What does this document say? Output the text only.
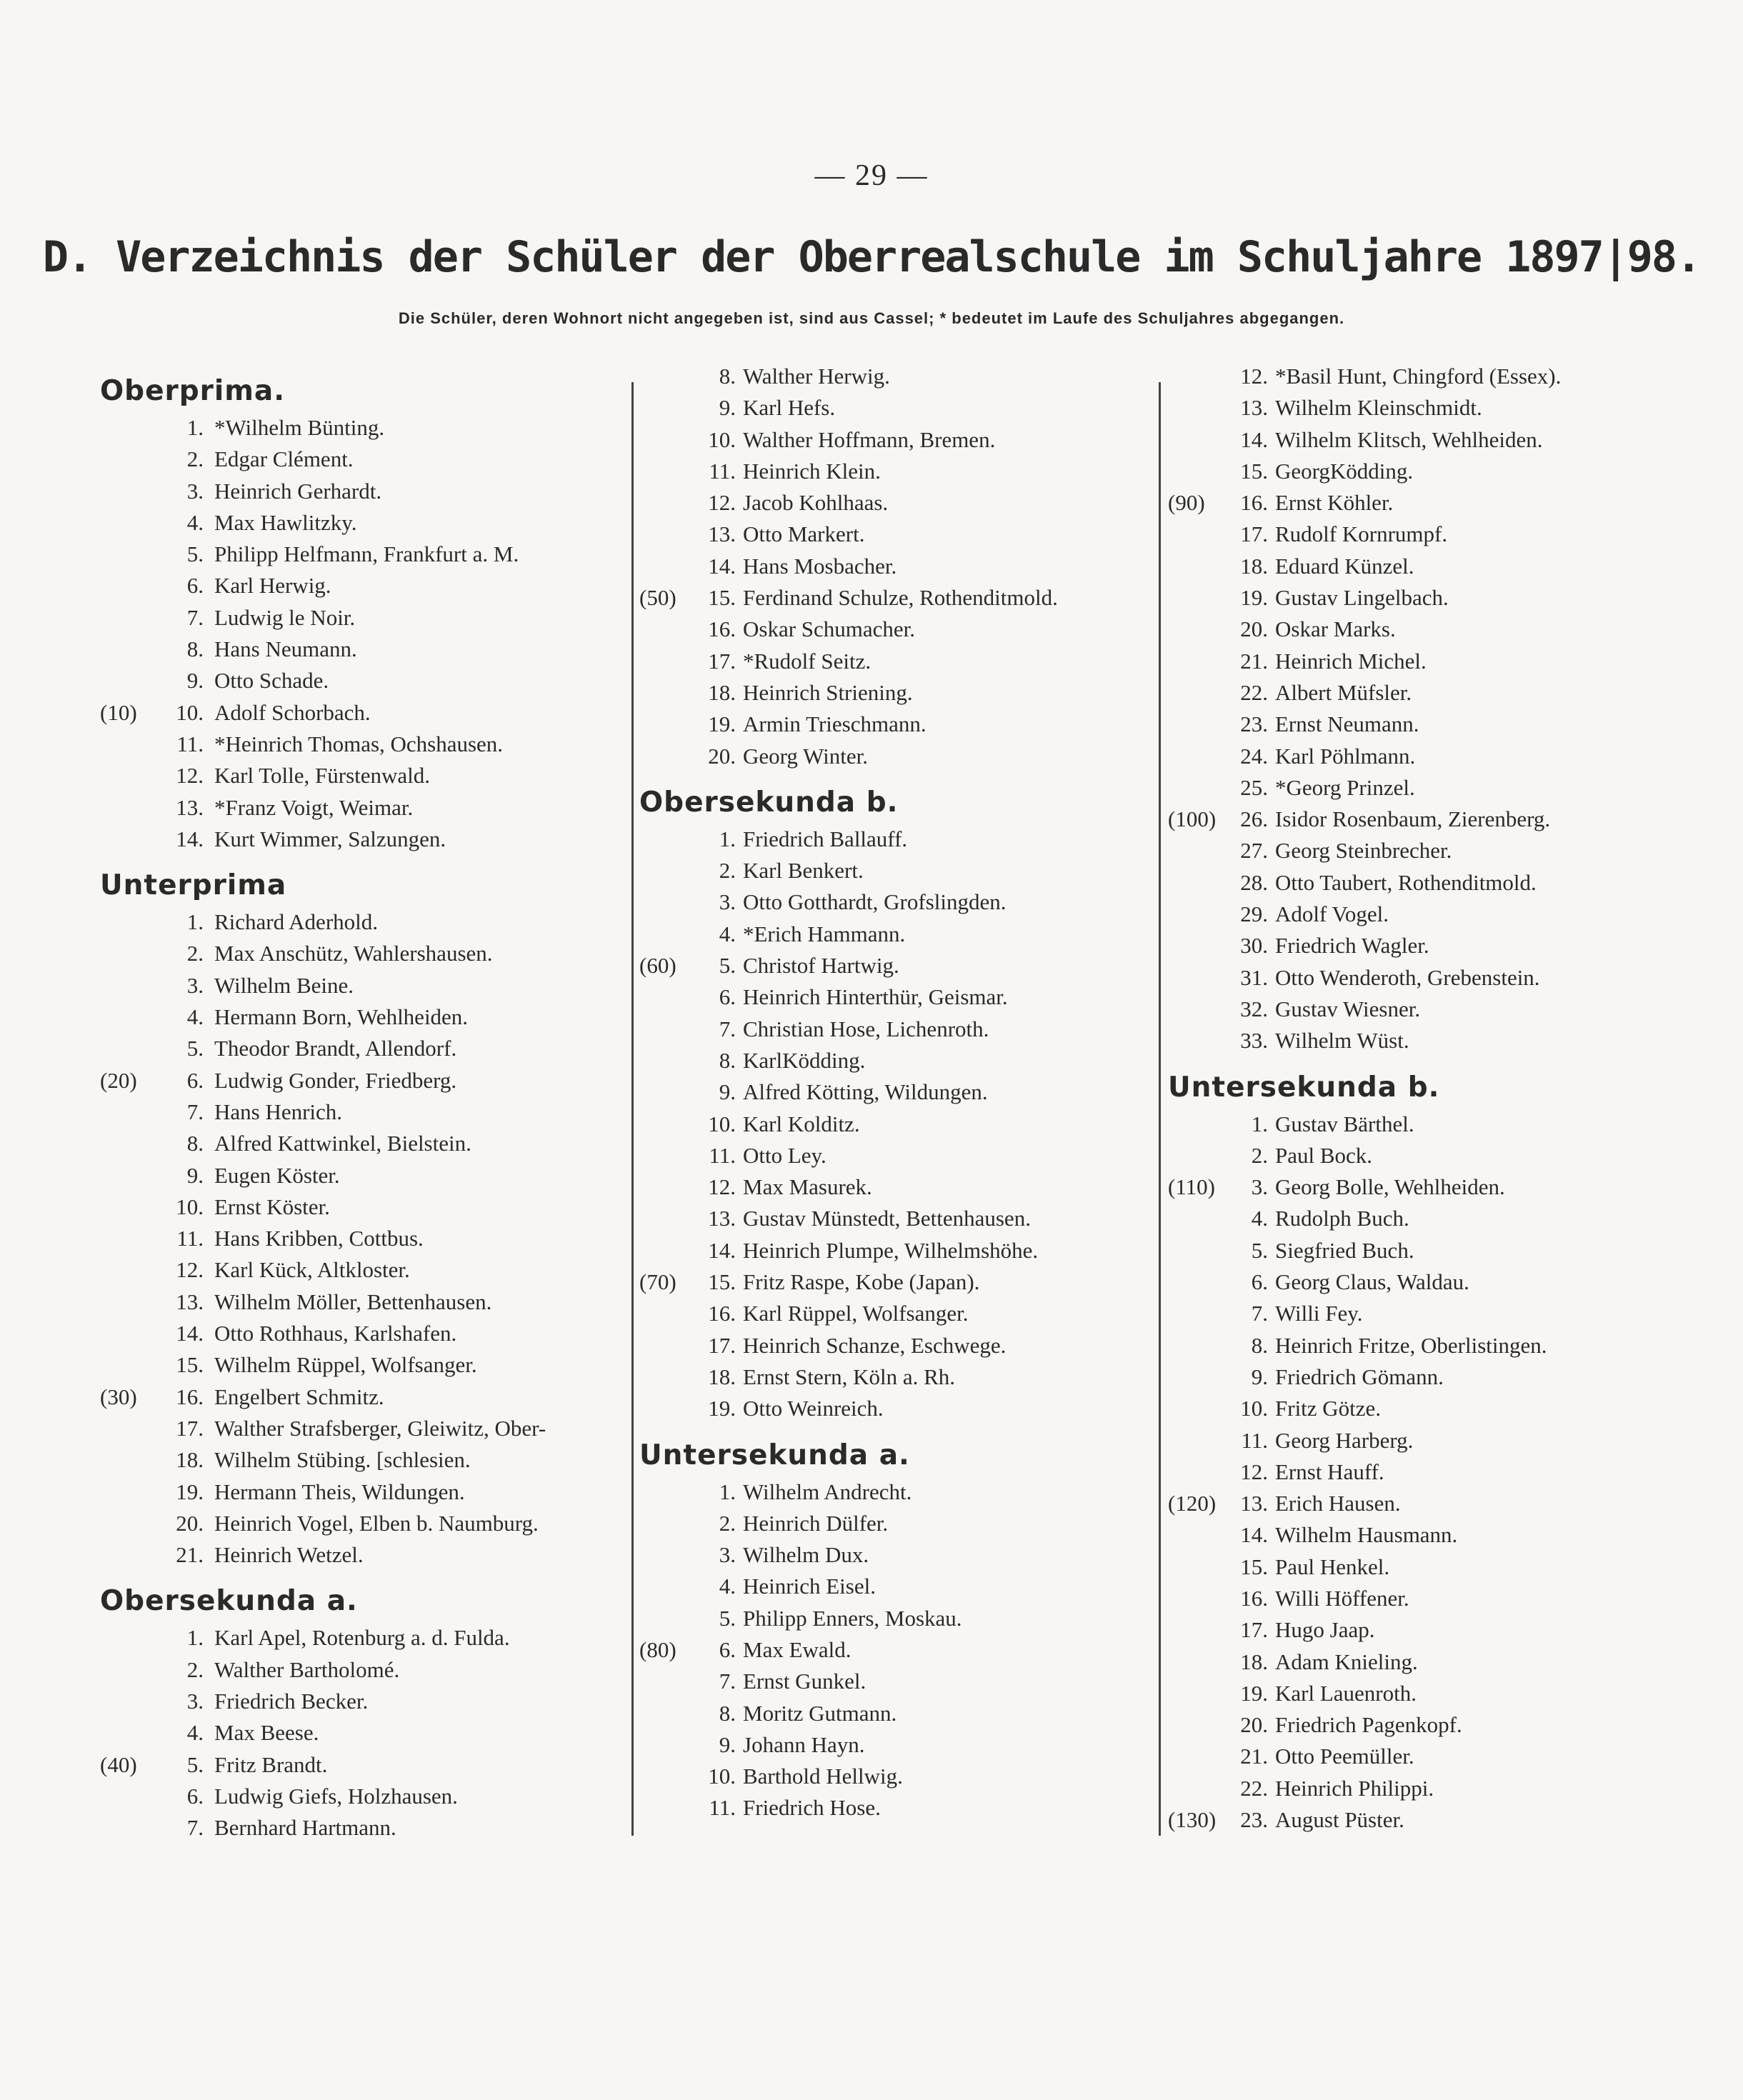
— 29 —
D. Verzeichnis der Schüler der Oberrealschule im Schuljahre 1897|98.
Die Schüler, deren Wohnort nicht angegeben ist, sind aus Cassel; * bedeutet im Laufe des Schuljahres abgegangen.
Oberprima.
1. *Wilhelm Bünting.
2. Edgar Clément.
3. Heinrich Gerhardt.
4. Max Hawlitzky.
5. Philipp Helfmann, Frankfurt a. M.
6. Karl Herwig.
7. Ludwig le Noir.
8. Hans Neumann.
9. Otto Schade.
(10)	10. Adolf Schorbach.
11. *Heinrich Thomas, Ochshausen.
12. Karl Tolle, Fürstenwald.
13. *Franz Voigt, Weimar.
14. Kurt Wimmer, Salzungen.
Unterprima
1. Richard Aderhold.
2. Max Anschütz, Wahlershausen.
3. Wilhelm Beine.
4. Hermann Born, Wehlheiden.
5. Theodor Brandt, Allendorf.
(20)	6. Ludwig Gonder, Friedberg.
7. Hans Henrich.
8. Alfred Kattwinkel, Bielstein.
9. Eugen Köster.
10. Ernst Köster.
11. Hans Kribben, Cottbus.
12. Karl Kück, Altkloster.
13. Wilhelm Möller, Bettenhausen.
14. Otto Rothhaus, Karlshafen.
15. Wilhelm Rüppel, Wolfsanger.
(30)	16. Engelbert Schmitz.
17. Walther Strafsberger, Gleiwitz, Ober-
18. Wilhelm Stübing. [schlesien.
19. Hermann Theis, Wildungen.
20. Heinrich Vogel, Elben b. Naumburg.
21. Heinrich Wetzel.
Obersekunda a.
1. Karl Apel, Rotenburg a. d. Fulda.
2. Walther Bartholomé.
3. Friedrich Becker.
4. Max Beese.
(40)	5. Fritz Brandt.
6. Ludwig Giefs, Holzhausen.
7. Bernhard Hartmann.
8. Walther Herwig.
9. Karl Hefs.
10. Walther Hoffmann, Bremen.
11. Heinrich Klein.
12. Jacob Kohlhaas.
13. Otto Markert.
14. Hans Mosbacher.
(50)	15. Ferdinand Schulze, Rothenditmold.
16. Oskar Schumacher.
17. *Rudolf Seitz.
18. Heinrich Striening.
19. Armin Trieschmann.
20. Georg Winter.
Obersekunda b.
1. Friedrich Ballauff.
2. Karl Benkert.
3. Otto Gotthardt, Grofslingden.
4. *Erich Hammann.
(60)	5. Christof Hartwig.
6. Heinrich Hinterthür, Geismar.
7. Christian Hose, Lichenroth.
8. KarlKödding.
9. Alfred Kötting, Wildungen.
10. Karl Kolditz.
11. Otto Ley.
12. Max Masurek.
13. Gustav Münstedt, Bettenhausen.
14. Heinrich Plumpe, Wilhelmshöhe.
(70)	15. Fritz Raspe, Kobe (Japan).
16. Karl Rüppel, Wolfsanger.
17. Heinrich Schanze, Eschwege.
18. Ernst Stern, Köln a. Rh.
19. Otto Weinreich.
Untersekunda a.
1. Wilhelm Andrecht.
2. Heinrich Dülfer.
3. Wilhelm Dux.
4. Heinrich Eisel.
5. Philipp Enners, Moskau.
(80)	6. Max Ewald.
7. Ernst Gunkel.
8. Moritz Gutmann.
9. Johann Hayn.
10. Barthold Hellwig.
11. Friedrich Hose.
12. *Basil Hunt, Chingford (Essex).
13. Wilhelm Kleinschmidt.
14. Wilhelm Klitsch, Wehlheiden.
15. GeorgKödding.
(90)	16. Ernst Köhler.
17. Rudolf Kornrumpf.
18. Eduard Künzel.
19. Gustav Lingelbach.
20. Oskar Marks.
21. Heinrich Michel.
22. Albert Müfsler.
23. Ernst Neumann.
24. Karl Pöhlmann.
25. *Georg Prinzel.
(100)	26. Isidor Rosenbaum, Zierenberg.
27. Georg Steinbrecher.
28. Otto Taubert, Rothenditmold.
29. Adolf Vogel.
30. Friedrich Wagler.
31. Otto Wenderoth, Grebenstein.
32. Gustav Wiesner.
33. Wilhelm Wüst.
Untersekunda b.
1. Gustav Bärthel.
2. Paul Bock.
(110)	3. Georg Bolle, Wehlheiden.
4. Rudolph Buch.
5. Siegfried Buch.
6. Georg Claus, Waldau.
7. Willi Fey.
8. Heinrich Fritze, Oberlistingen.
9. Friedrich Gömann.
10. Fritz Götze.
11. Georg Harberg.
12. Ernst Hauff.
(120)	13. Erich Hausen.
14. Wilhelm Hausmann.
15. Paul Henkel.
16. Willi Höffener.
17. Hugo Jaap.
18. Adam Knieling.
19. Karl Lauenroth.
20. Friedrich Pagenkopf.
21. Otto Peemüller.
22. Heinrich Philippi.
(130)	23. August Püster.
